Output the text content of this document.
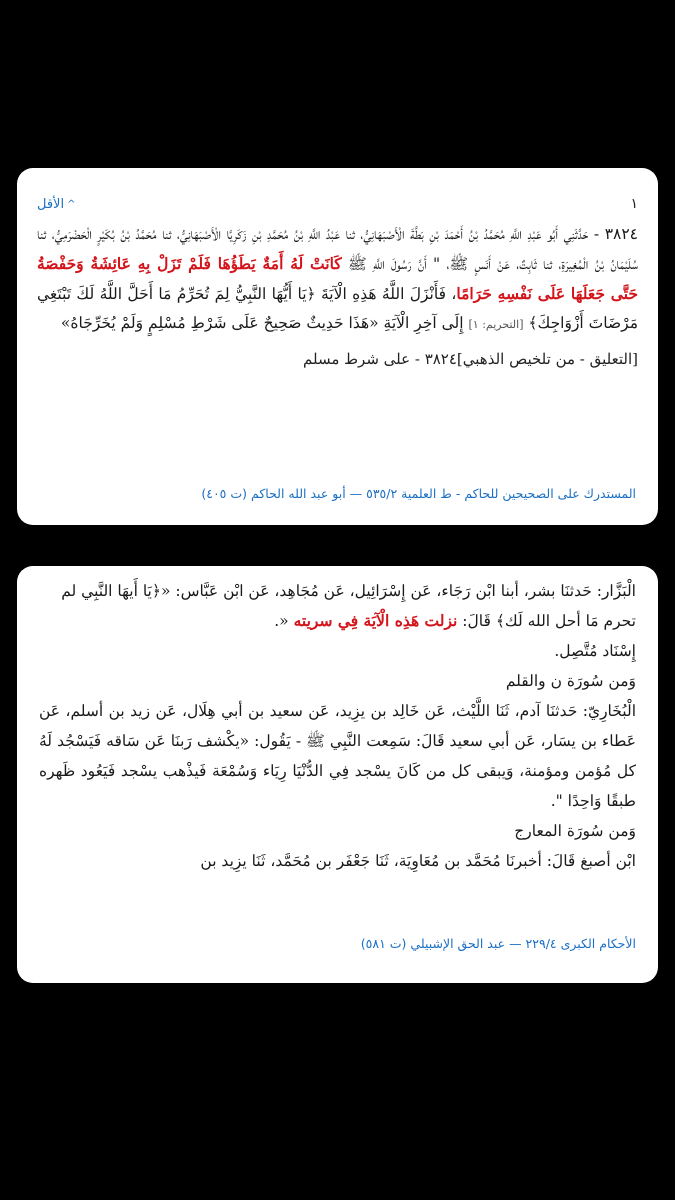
١
^
الأقل

٣٨٢٤ - حَدَّثَنِي أَبُو عَبْدِ اللَّهِ مُحَمَّدُ بْنُ أَحْمَدَ بْنِ بَطَّةَ الْأَصْبَهَانِيُّ، ثنا عَبْدُ اللَّهِ بْنُ مُحَمَّدِ بْنِ زَكَرِيَّا الْأَصْبَهَانِيُّ، ثنا مُحَمَّدُ بْنُ بُكَيْرٍ الْحَضْرَمِيُّ، ثنا سُلَيْمَانُ بْنُ الْمُغِيرَةِ، ثنا ثَابِتٌ، عَنْ أَنَسٍ ﷺ، " أَنَّ رَسُولَ اللَّهِ ﷺ كَانَتْ لَهُ أَمَةٌ يَطَؤُهَا فَلَمْ تَزَلْ بِهِ عَائِشَةُ وَحَفْصَةُ حَتَّى جَعَلَهَا عَلَى نَفْسِهِ حَرَامًا، فَأَنْزَلَ اللَّهُ هَذِهِ الْآيَةَ ﴿يَا أَيُّهَا النَّبِيُّ لِمَ تُحَرِّمُ مَا أَحَلَّ اللَّهُ لَكَ تَبْتَغِي مَرْضَاتَ أَزْوَاجِكَ﴾ [التحريم: ١] إِلَى آخِرِ الْآيَةِ «هَذَا حَدِيثٌ صَحِيحٌ عَلَى شَرْطِ مُسْلِمٍ وَلَمْ يُخَرِّجَاهُ»

[التعليق - من تلخيص الذهبي]٣٨٢٤ - على شرط مسلم
المستدرك على الصحيحين للحاكم - ط العلمية ٥٣٥/٢ — أبو عبد الله الحاكم (ت ٤٠٥)

الْبَزَّار: حَدثنَا بشر، أبنا ابْن رَجَاء، عَن إِسْرَائِيل، عَن مُجَاهِد، عَن ابْن عَبَّاس: «﴿يَا أَيهَا النَّبِي لم تحرم مَا أحل الله لَك﴾ قَالَ: نزلت هَذِه الْآيَة فِي سريته «.

إِسْنَاد مُتَّصِل.

وَمن سُورَة ن والقلم

الْبُخَارِيّ: حَدثنَا آدم، ثَنَا اللَّيْث، عَن خَالِد بن يزِيد، عَن سعيد بن أبي هِلَال، عَن زيد بن أسلم، عَن عَطاء بن يسَار، عَن أبي سعيد قَالَ: سَمِعت النَّبِي ﷺ - يَقُول: «يكْشف رَبنَا عَن سَاقه فَيَسْجُد لَهُ كل مُؤمن ومؤمنة، وَيبقى كل من كَانَ يسْجد فِي الدُّنْيَا رِيَاء وَسُمْعَة فَيذْهب يسْجد فَيَعُود ظَهره طبقًا وَاحِدًا ".

وَمن سُورَة المعارج

ابْن أصبغ قَالَ: أخبرنَا مُحَمَّد بن مُعَاوِيَة، ثَنَا جَعْفَر بن مُحَمَّد، ثَنَا يزِيد بن

الأحكام الكبرى ٢٢٩/٤ — عبد الحق الإشبيلي (ت ٥٨١)
